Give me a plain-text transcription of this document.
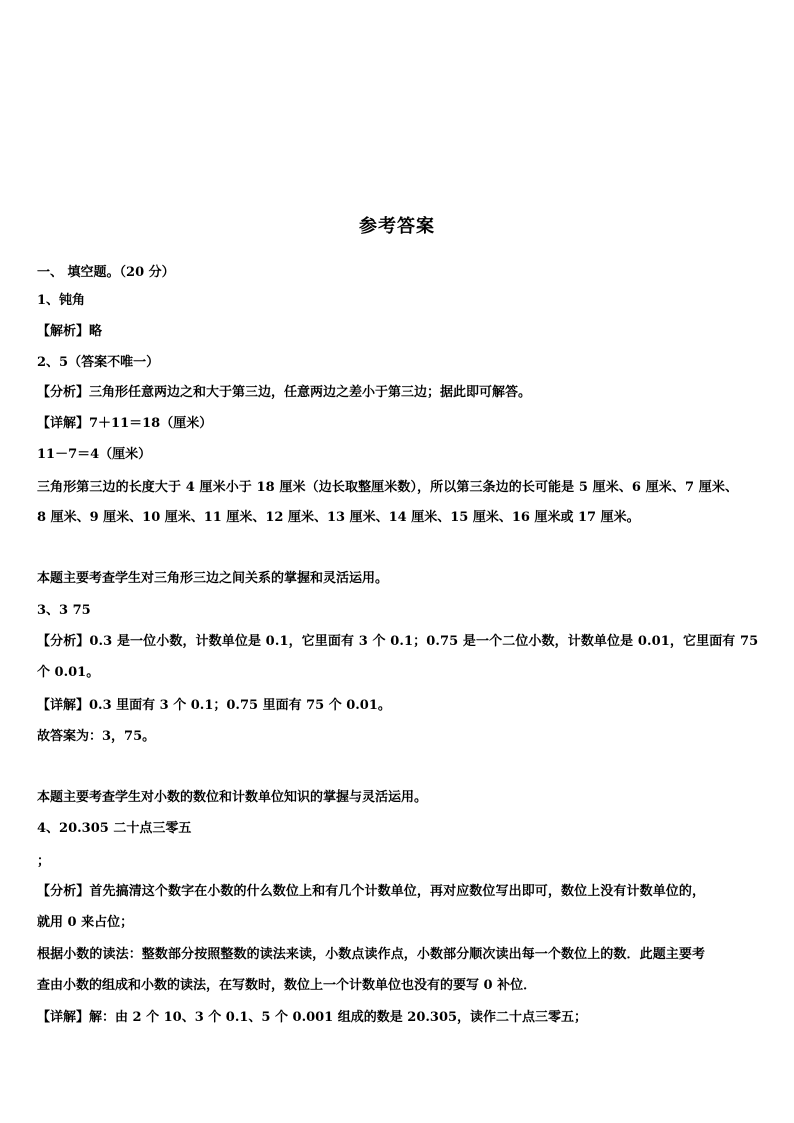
参考答案
一、 填空题。（20 分）
1、钝角
【解析】略
2、5（答案不唯一）
【分析】三角形任意两边之和大于第三边，任意两边之差小于第三边；据此即可解答。
【详解】7＋11＝18（厘米）
11－7＝4（厘米）
三角形第三边的长度大于 4 厘米小于 18 厘米（边长取整厘米数），所以第三条边的长可能是 5 厘米、6 厘米、7 厘米、
8 厘米、9 厘米、10 厘米、11 厘米、12 厘米、13 厘米、14 厘米、15 厘米、16 厘米或 17 厘米。
本题主要考查学生对三角形三边之间关系的掌握和灵活运用。
3、3 75
【分析】0.3 是一位小数，计数单位是 0.1，它里面有 3 个 0.1；0.75 是一个二位小数，计数单位是 0.01，它里面有 75
个 0.01。
【详解】0.3 里面有 3 个 0.1；0.75 里面有 75 个 0.01。
故答案为：3，75。
本题主要考查学生对小数的数位和计数单位知识的掌握与灵活运用。
4、20.305 二十点三零五
；
【分析】首先搞清这个数字在小数的什么数位上和有几个计数单位，再对应数位写出即可，数位上没有计数单位的，
就用 0 来占位；
根据小数的读法：整数部分按照整数的读法来读，小数点读作点，小数部分顺次读出每一个数位上的数．此题主要考
查由小数的组成和小数的读法，在写数时，数位上一个计数单位也没有的要写 0 补位．
【详解】解：由 2 个 10、3 个 0.1、5 个 0.001 组成的数是 20.305，读作二十点三零五；
